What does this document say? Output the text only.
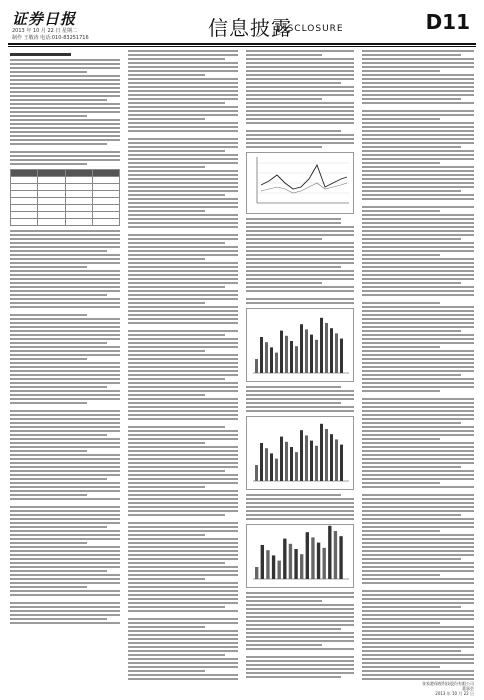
证券日报
2013 年 10 月 22 日 星期二
制作 王敬涛 电话:010-83251716	信息披露
DISCLOSURE	D11

张家港保税科技股份有限公司
董事会
2013 年 10 月 22 日
